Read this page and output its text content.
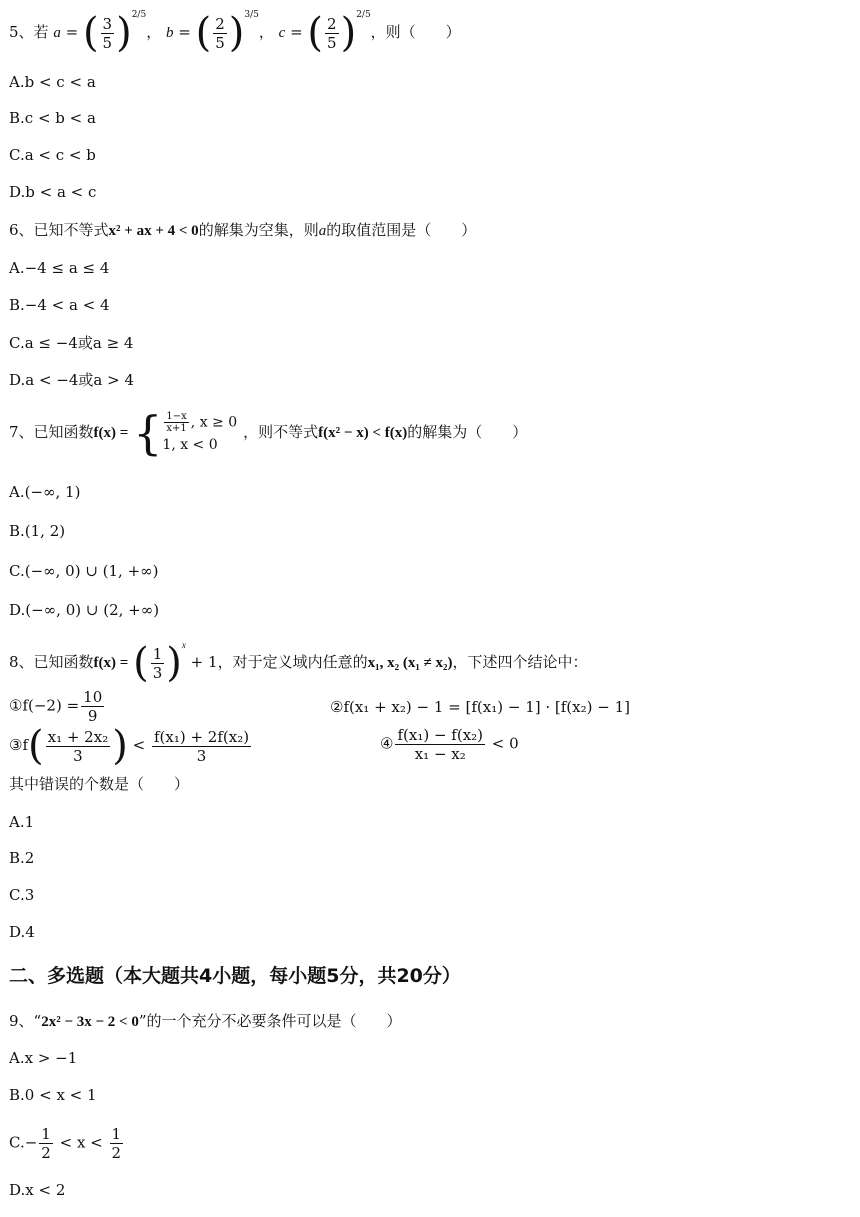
5、若 a = ( $\frac{3}{5} )^{2/5}$， b = ( $\frac{2}{5} )^{3/5}$， c = ( $\frac{2}{5} )^{2/5}$，则（　　）
A.b < c < a
B.c < b < a
C.a < c < b
D.b < a < c
6、已知不等式x² + ax + 4 < 0的解集为空集，则a的取值范围是（　　）
A.−4 ≤ a ≤ 4
B.−4 < a < 4
C.a ≤ −4或a ≥ 4
D.a < −4或a > 4
7、已知函数f(x) = { $\frac{1-x}{x+1}$ , x ≥ 0
1, x < 0
，则不等式f(x² − x) < f(x)的解集为（　　）
A.(−∞, 1)
B.(1, 2)
C.(−∞, 0) ∪ (1, +∞)
D.(−∞, 0) ∪ (2, +∞)
8、已知函数f(x) = ( $\frac{1}{3} )^x + 1$，对于定义域内任意的x₁, x₂ (x₁ ≠ x₂)，下述四个结论中：
①f(−2) = $\frac{10}{9}$	②f(x₁ + x₂) − 1 = [f(x₁) − 1] · [f(x₂) − 1]
③f( $\frac{\text{x₁ + 2x₂}}{3}$ ) < $\frac{\text{f(x₁) + 2f(x₂)}}{3}$	④ $\frac{\text{f(x₁) − f(x₂)}}{\text{x₁ − x₂}} < 0$
其中错误的个数是（　　）
A.1
B.2
C.3
D.4
二、多选题（本大题共4小题，每小题5分，共20分）
9、“2x² − 3x − 2 < 0”的一个充分不必要条件可以是（　　）
A.x > −1
B.0 < x < 1
$C.- \frac{1}{2} < x < \frac{1}{2}$
D.x < 2
